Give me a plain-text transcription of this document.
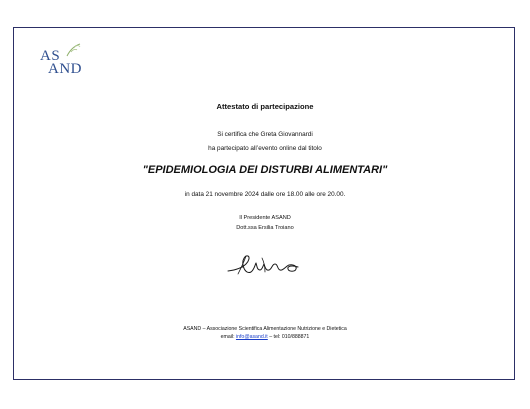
AS
AND
Attestato di partecipazione
Si certifica che Greta Giovannardi
ha partecipato all’evento online dal titolo
"EPIDEMIOLOGIA DEI DISTURBI ALIMENTARI"
in data 21 novembre 2024 dalle ore 18.00 alle ore 20.00.
Il Presidente ASAND
Dott.ssa Ersilia Troiano
ASAND – Associazione Scientifica Alimentazione Nutrizione e Dietetica
email: info@asand.it – tel: 010/888871
